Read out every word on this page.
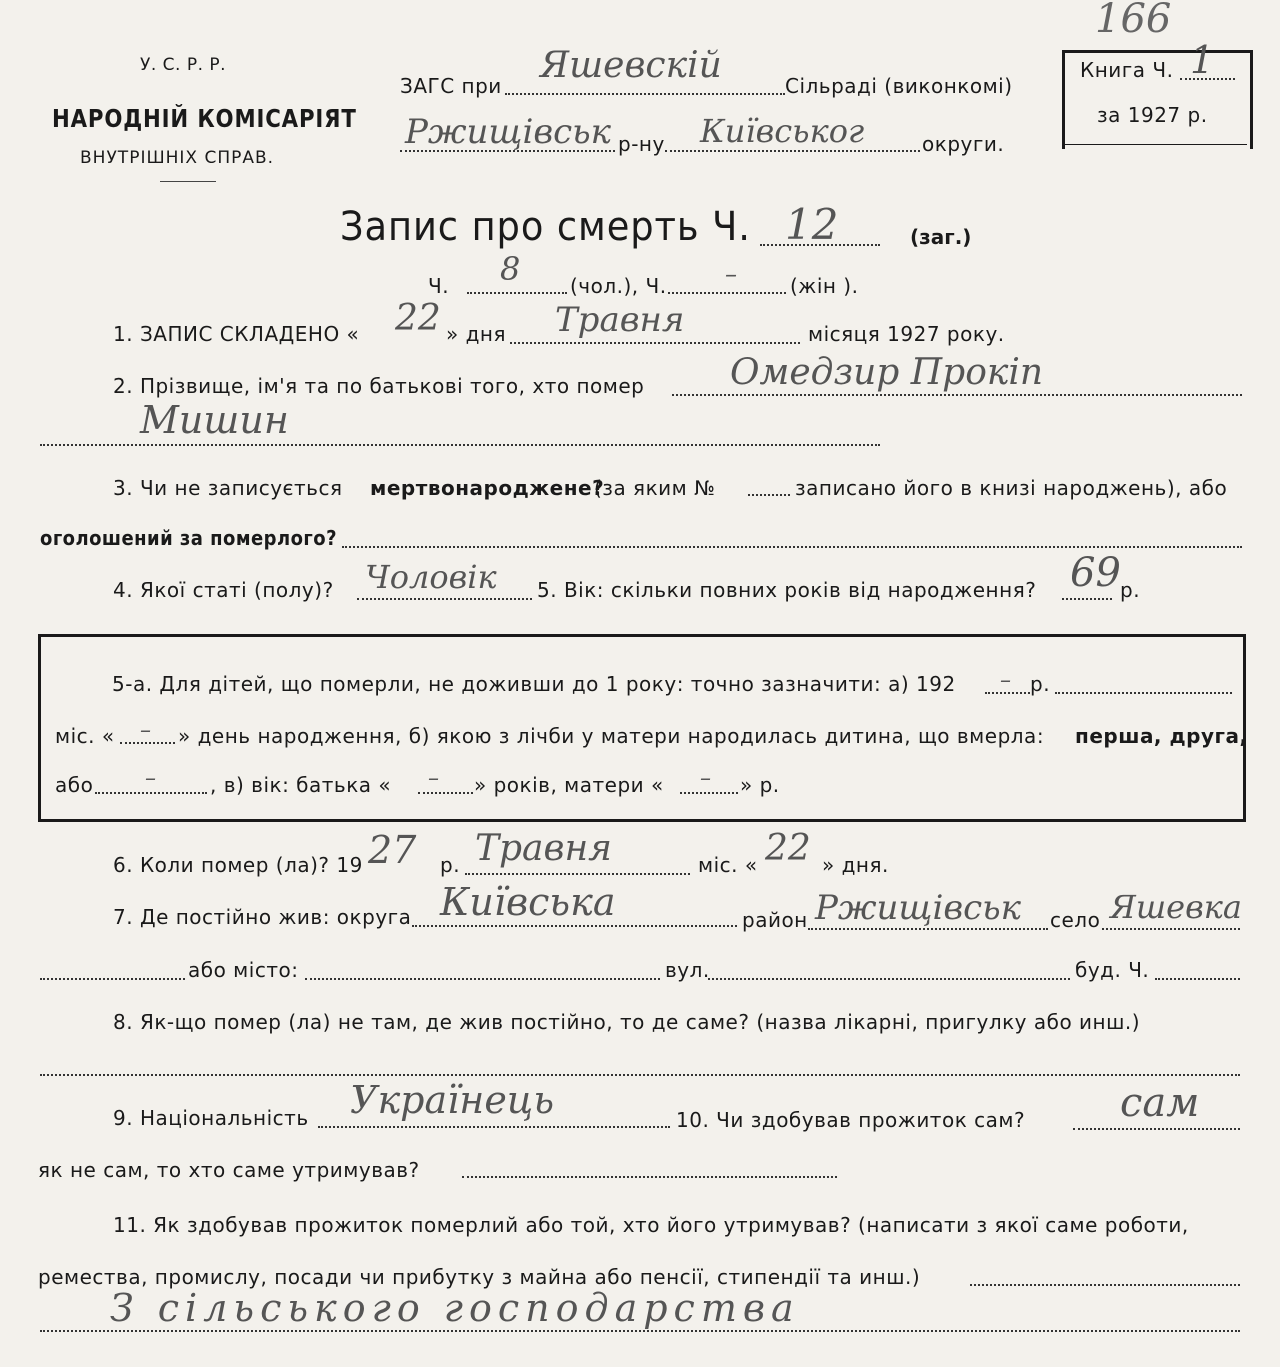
У. С. Р. Р.
НАРОДНІЙ КОМІСАРІЯТ
ВНУТРІШНІХ СПРАВ.
ЗАГС при Яшевскій	Сільраді (виконкомі)
Ржищівськ р-ну Київськог	округи.
Книга Ч. 1
за 1927 р.
166
Запис про смерть Ч. 12	(заг.)
Ч. 8 (чол.), Ч. –	(жін ).
1. ЗАПИС СКЛАДЕНО « 22 » дня Травня	місяця 1927 року.
2. Прізвище, ім'я та по батькові того, хто помер Омедзир Прокіп
Мишин
3. Чи не записується мертвонароджене?
(за яким №	записано його в книзі народжень), або
оголошений за померлого?
4. Якої статі (полу)? Чоловік 5. Вік: скільки повних років від народження? 69 р.
5-а. Для дітей, що померли, не доживши до 1 року: точно зазначити: а) 192 – р.
міс. « – » день народження, б) якою з лічби у матери народилась дитина, що вмерла: перша, друга,
або –	, в) вік: батька « – » років, матери « – » р.
6. Коли помер (ла)? 19 27 р. Травня	міс. « 22 » дня.
7. Де постійно жив: округа Київська	район Ржищівськ село Яшевка
або місто:	вул.	буд. Ч.
8. Як-що помер (ла) не там, де жив постійно, то де саме? (назва лікарні, пригулку або инш.)
9. Національність Українець	10. Чи здобував прожиток сам? сам
як не сам, то хто саме утримував?
11. Як здобував прожиток померлий або той, хто його утримував? (написати з якої саме роботи,
ремества, промислу, посади чи прибутку з майна або пенсії, стипендії та инш.)
З сільського господарства
